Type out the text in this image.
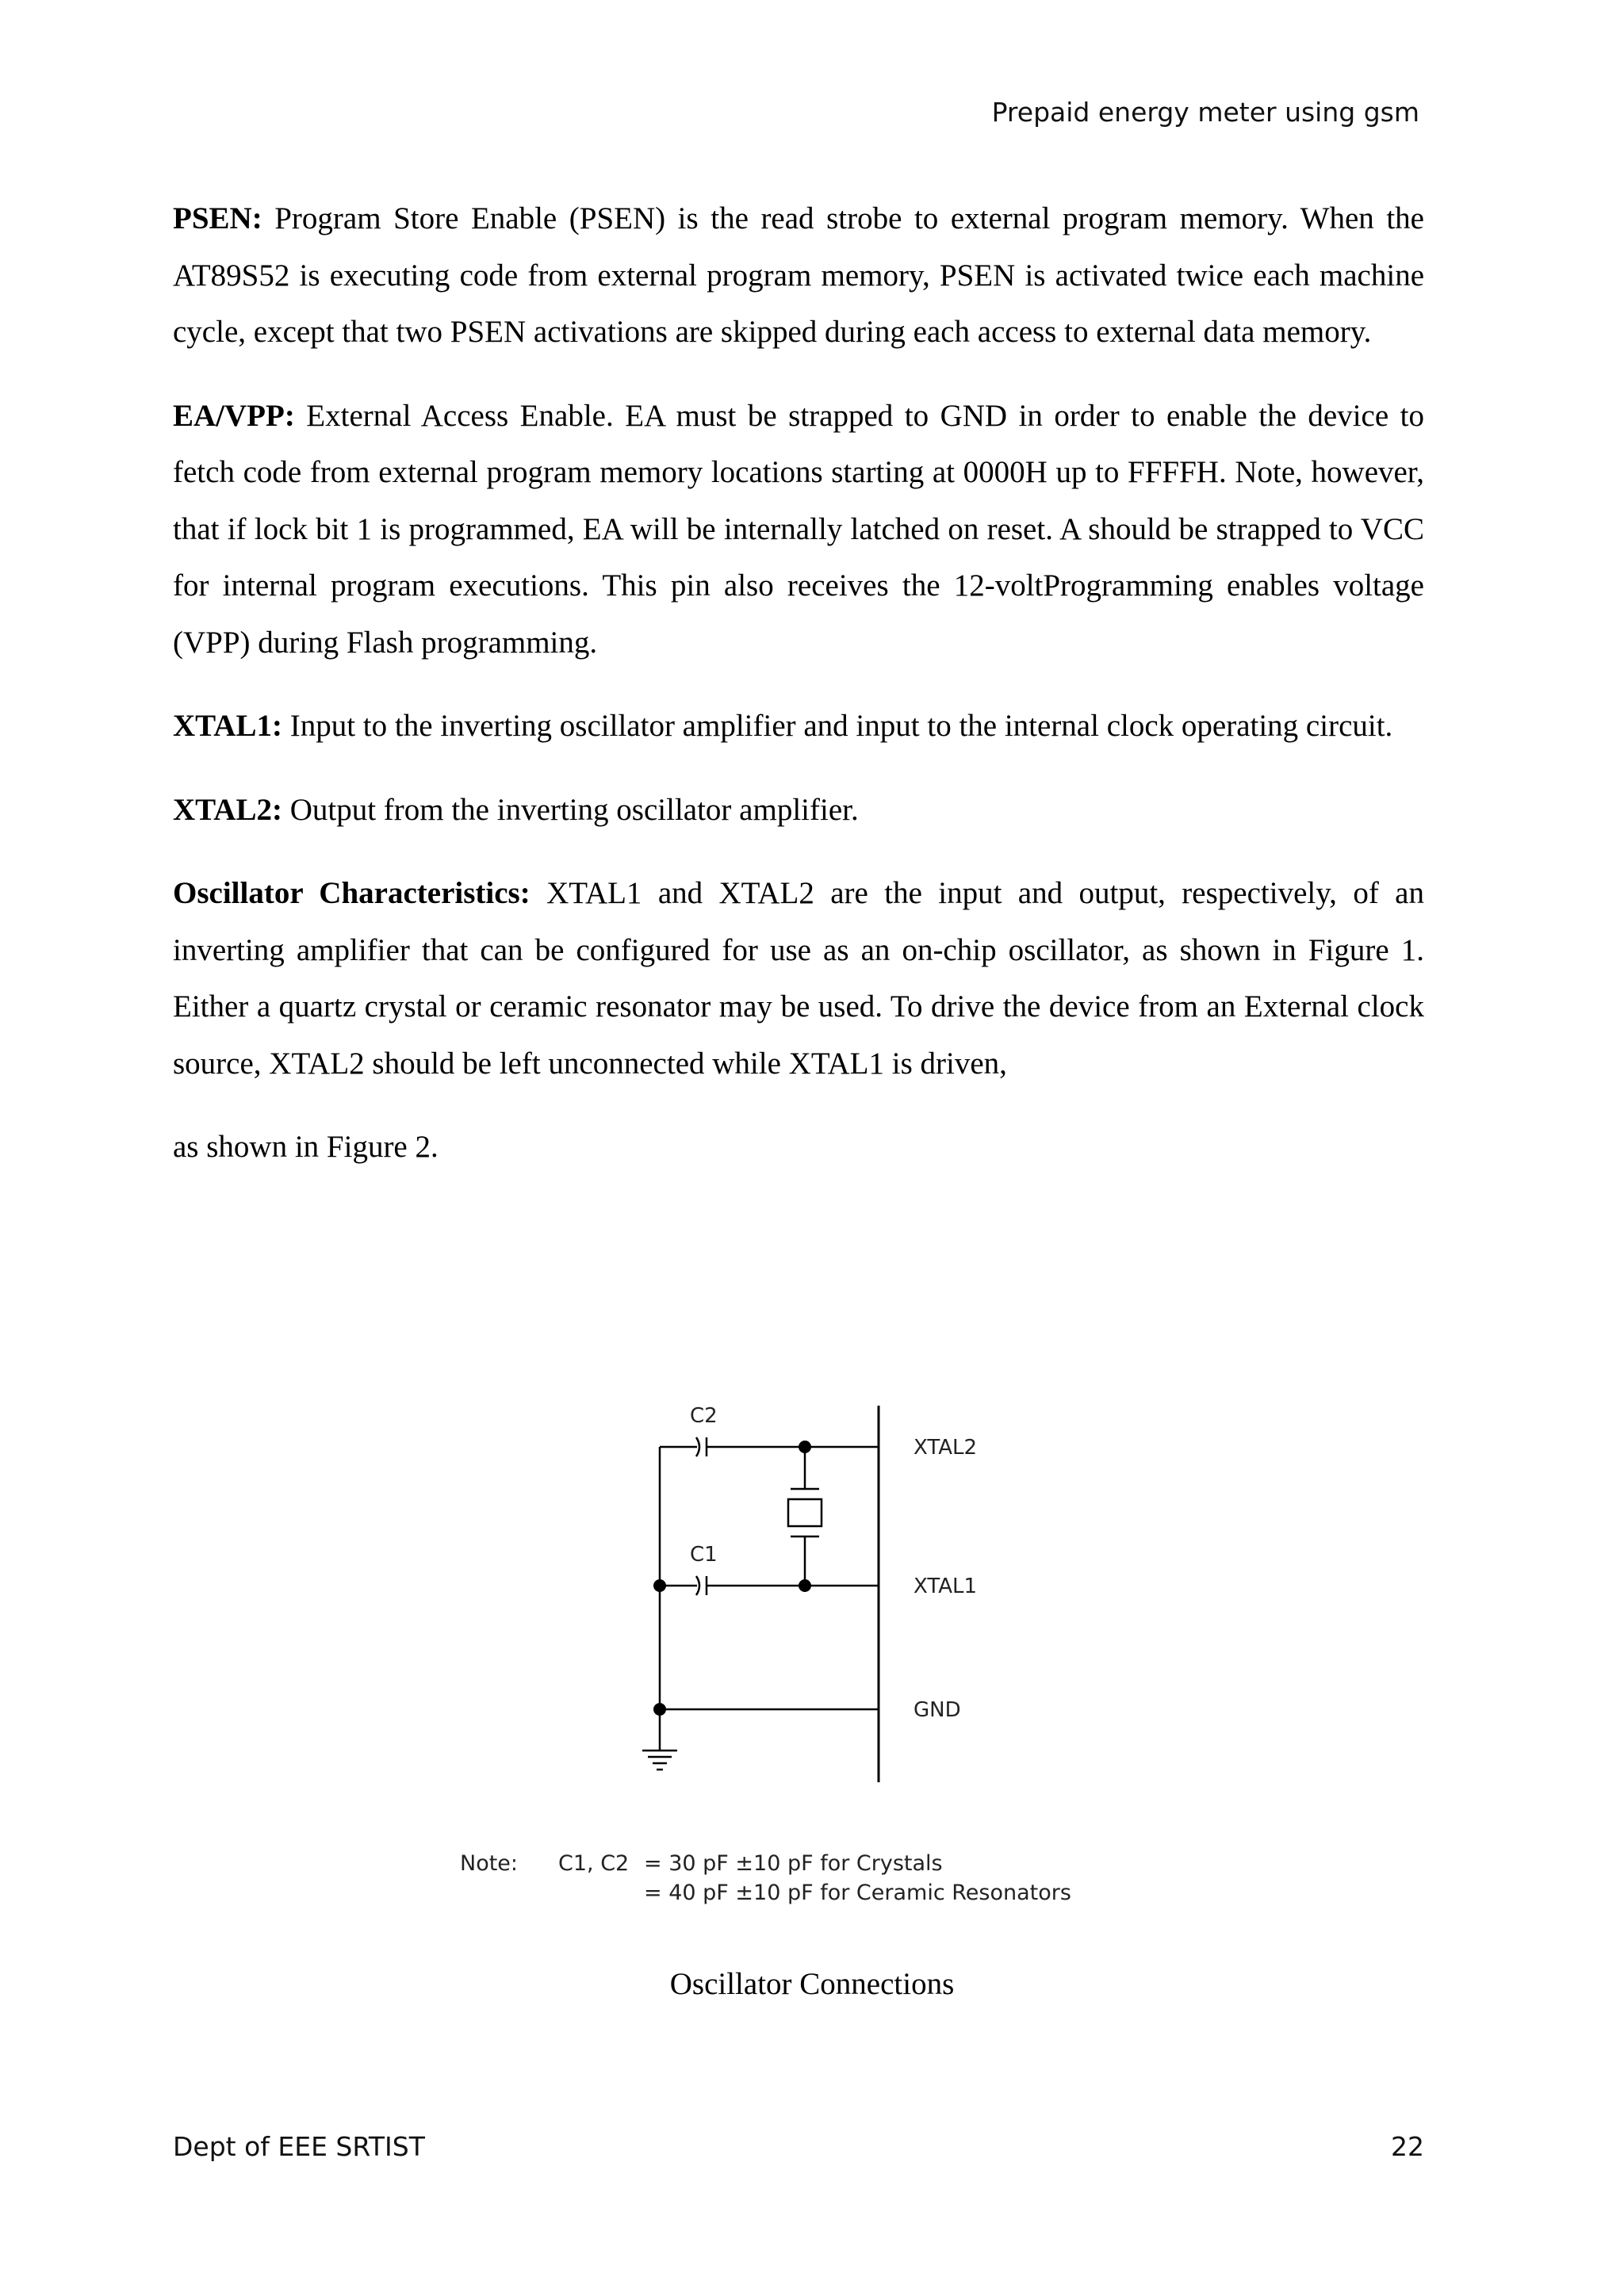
Prepaid energy meter using gsm

PSEN: Program Store Enable (PSEN) is the read strobe to external program memory. When the AT89S52 is executing code from external program memory, PSEN is activated twice each machine cycle, except that two PSEN activations are skipped during each access to external data memory.

EA/VPP: External Access Enable. EA must be strapped to GND in order to enable the device to fetch code from external program memory locations starting at 0000H up to FFFFH. Note, however, that if lock bit 1 is programmed, EA will be internally latched on reset. A should be strapped to VCC for internal program executions. This pin also receives the 12-voltProgramming enables voltage (VPP) during Flash programming.

XTAL1: Input to the inverting oscillator amplifier and input to the internal clock operating circuit.

XTAL2: Output from the inverting oscillator amplifier.

Oscillator Characteristics: XTAL1 and XTAL2 are the input and output, respectively, of an inverting amplifier that can be configured for use as an on-chip oscillator, as shown in Figure 1. Either a quartz crystal or ceramic resonator may be used. To drive the device from an External clock source, XTAL2 should be left unconnected while XTAL1 is driven,

as shown in Figure 2.

C2
C1
XTAL2
XTAL1
GND
Note: C1, C2 = 30 pF ±10 pF for Crystals
= 40 pF ±10 pF for Ceramic Resonators
Oscillator Connections
Dept of EEE SRTIST	22
